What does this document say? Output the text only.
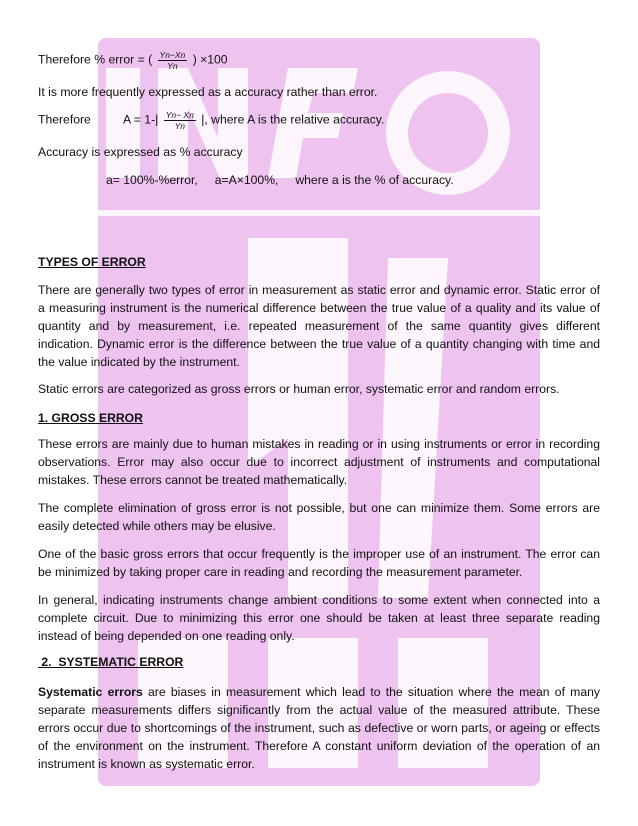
Therefore % error = ( $\frac{Yn-Xn}{Yn}$ ) ×100
It is more frequently expressed as a accuracy rather than error.
Therefore	$A = 1-| \frac{Yn- Xn}{Yn}$ |, where A is the relative accuracy.
Accuracy is expressed as % accuracy
a= 100%-%error,     a=A×100%,     where a is the % of accuracy.
TYPES OF ERROR
There are generally two types of error in measurement as static error and dynamic error. Static error of a measuring instrument is the numerical difference between the true value of a quality and its value of quantity and by measurement, i.e. repeated measurement of the same quantity gives different indication. Dynamic error is the difference between the true value of a quantity changing with time and the value indicated by the instrument.
Static errors are categorized as gross errors or human error, systematic error and random errors.
1. GROSS ERROR
These errors are mainly due to human mistakes in reading or in using instruments or error in recording observations. Error may also occur due to incorrect adjustment of instruments and computational mistakes. These errors cannot be treated mathematically.
The complete elimination of gross error is not possible, but one can minimize them. Some errors are easily detected while others may be elusive.
One of the basic gross errors that occur frequently is the improper use of an instrument. The error can be minimized by taking proper care in reading and recording the measurement parameter.
In general, indicating instruments change ambient conditions to some extent when connected into a complete circuit. Due to minimizing this error one should be taken at least three separate reading instead of being depended on one reading only.
2.  SYSTEMATIC ERROR
Systematic errors are biases in measurement which lead to the situation where the mean of many separate measurements differs significantly from the actual value of the measured attribute. These errors occur due to shortcomings of the instrument, such as defective or worn parts, or ageing or effects of the environment on the instrument. Therefore A constant uniform deviation of the operation of an instrument is known as systematic error.
